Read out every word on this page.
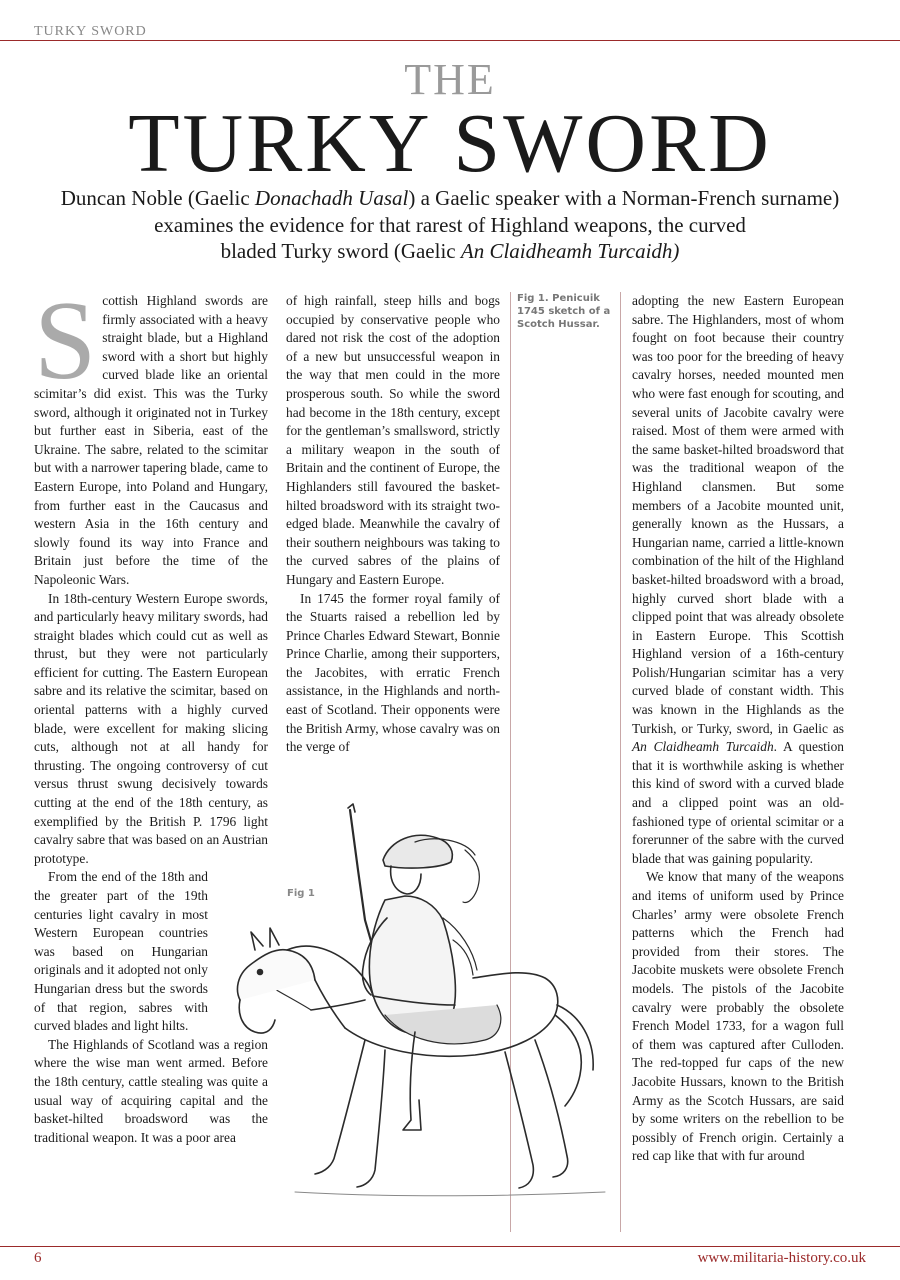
TURKY SWORD
THE
TURKY SWORD
Duncan Noble (Gaelic Donachadh Uasal) a Gaelic speaker with a Norman-French surname)
examines the evidence for that rarest of Highland weapons, the curved
bladed Turky sword (Gaelic An Claidheamh Turcaidh)

Scottish Highland swords are firmly associated with a heavy straight blade, but a Highland sword with a short but highly curved blade like an oriental scimitar’s did exist. This was the Turky sword, although it originated not in Turkey but further east in Siberia, east of the Ukraine. The sabre, related to the scimitar but with a narrower tapering blade, came to Eastern Europe, into Poland and Hungary, from further east in the Caucasus and western Asia in the 16th century and slowly found its way into France and Britain just before the time of the Napoleonic Wars.

In 18th-century Western Europe swords, and particularly heavy military swords, had straight blades which could cut as well as thrust, but they were not particularly efficient for cutting. The Eastern European sabre and its relative the scimitar, based on oriental patterns with a highly curved blade, were excellent for making slicing cuts, although not at all handy for thrusting. The ongoing controversy of cut versus thrust swung decisively towards cutting at the end of the 18th century, as exemplified by the British P. 1796 light cavalry sabre that was based on an Austrian prototype.

From the end of the 18th and the greater part of the 19th centuries light cavalry in most Western European countries was based on Hungarian originals and it adopted not only Hungarian dress but the swords of that region, sabres with curved blades and light hilts.

The Highlands of Scotland was a region where the wise man went armed. Before the 18th century, cattle stealing was quite a usual way of acquiring capital and the basket-hilted broadsword was the traditional weapon. It was a poor area

of high rainfall, steep hills and bogs occupied by conservative people who dared not risk the cost of the adoption of a new but unsuccessful weapon in the way that men could in the more prosperous south. So while the sword had become in the 18th century, except for the gentleman’s smallsword, strictly a military weapon in the south of Britain and the continent of Europe, the Highlanders still favoured the basket-hilted broadsword with its straight two-edged blade. Meanwhile the cavalry of their southern neighbours was taking to the curved sabres of the plains of Hungary and Eastern Europe.

In 1745 the former royal family of the Stuarts raised a rebellion led by Prince Charles Edward Stewart, Bonnie Prince Charlie, among their supporters, the Jacobites, with erratic French assistance, in the Highlands and north-east of Scotland. Their opponents were the British Army, whose cavalry was on the verge of

Fig 1. Penicuik 1745 sketch of a Scotch Hussar.

adopting the new Eastern European sabre. The Highlanders, most of whom fought on foot because their country was too poor for the breeding of heavy cavalry horses, needed mounted men who were fast enough for scouting, and several units of Jacobite cavalry were raised. Most of them were armed with the same basket-hilted broadsword that was the traditional weapon of the Highland clansmen. But some members of a Jacobite mounted unit, generally known as the Hussars, a Hungarian name, carried a little-known combination of the hilt of the Highland basket-hilted broadsword with a broad, highly curved short blade with a clipped point that was already obsolete in Eastern Europe. This Scottish Highland version of a 16th-century Polish/Hungarian scimitar has a very curved blade of constant width. This was known in the Highlands as the Turkish, or Turky, sword, in Gaelic as An Claidheamh Turcaidh. A question that it is worthwhile asking is whether this kind of sword with a curved blade and a clipped point was an old-fashioned type of oriental scimitar or a forerunner of the sabre with the curved blade that was gaining popularity.

We know that many of the weapons and items of uniform used by Prince Charles’ army were obsolete French patterns which the French had provided from their stores. The Jacobite muskets were obsolete French models. The pistols of the Jacobite cavalry were probably the obsolete French Model 1733, for a wagon full of them was captured after Culloden. The red-topped fur caps of the new Jacobite Hussars, known to the British Army as the Scotch Hussars, are said by some writers on the rebellion to be possibly of French origin. Certainly a red cap like that with fur around

Fig 1
6	www.militaria-history.co.uk
